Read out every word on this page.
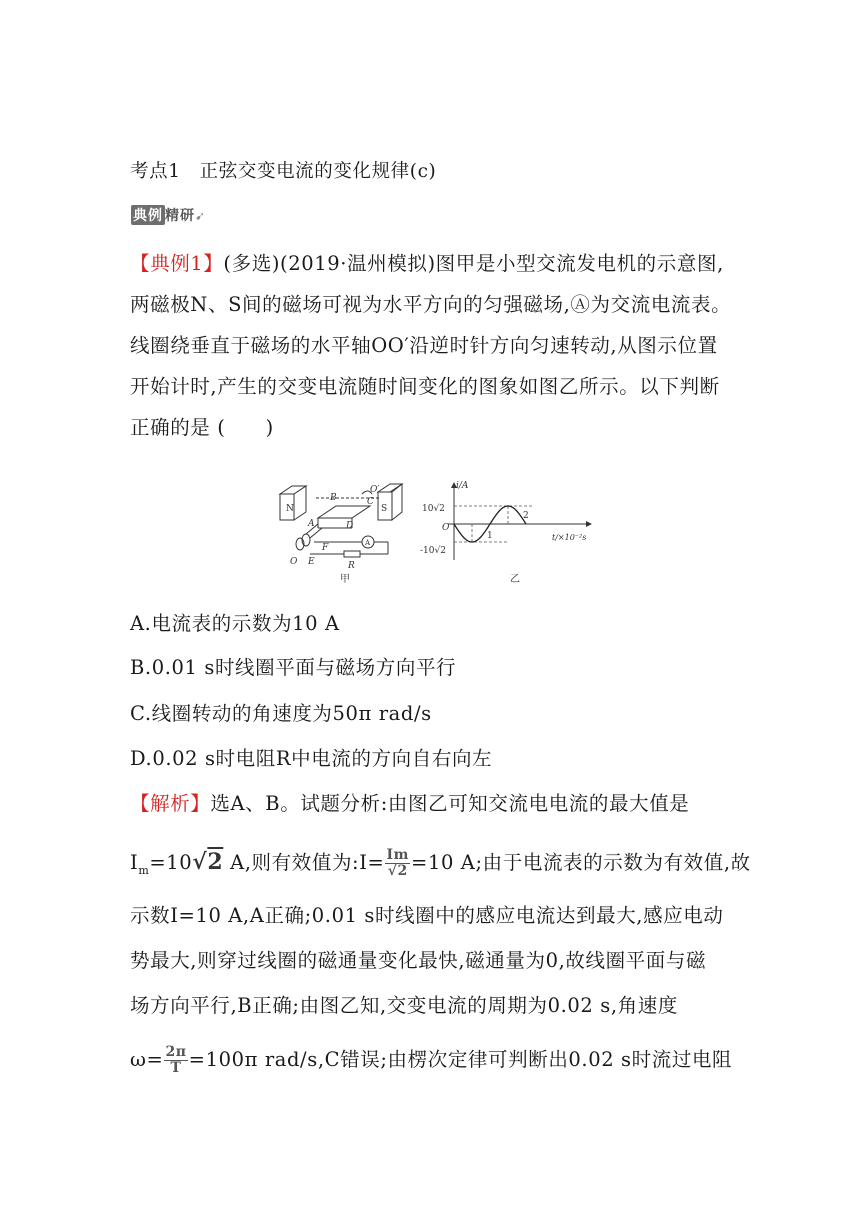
考点1　正弦交变电流的变化规律(c)
典例 精研➹
【典例1】(多选)(2019·温州模拟)图甲是小型交流发电机的示意图,
两磁极N、S间的磁场可视为水平方向的匀强磁场,Ⓐ为交流电流表。
线圈绕垂直于磁场的水平轴OO′沿逆时针方向匀速转动,从图示位置
开始计时,产生的交变电流随时间变化的图象如图乙所示。以下判断
正确的是 (　　)
N	S
A
B	C
O′
A	D
F
E	R
O
甲
i/A
t/×10⁻²s
10√2
-10√2
O
1
2
乙
A.电流表的示数为10 A
B.0.01 s时线圈平面与磁场方向平行
C.线圈转动的角速度为50π rad/s
D.0.02 s时电阻R中电流的方向自右向左
【解析】选A、B。试题分析:由图乙可知交流电电流的最大值是
$I_m=10√2$ A,则有效值为:I= $\frac{Im}{√2} =10$ A;由于电流表的示数为有效值,故
示数I=10 A,A正确;0.01 s时线圈中的感应电流达到最大,感应电动
势最大,则穿过线圈的磁通量变化最快,磁通量为0,故线圈平面与磁
场方向平行,B正确;由图乙知,交变电流的周期为0.02 s,角速度
$\omega= \frac{2\pi}{T} =100\pi$ rad/s,C错误;由楞次定律可判断出0.02 s时流过电阻
